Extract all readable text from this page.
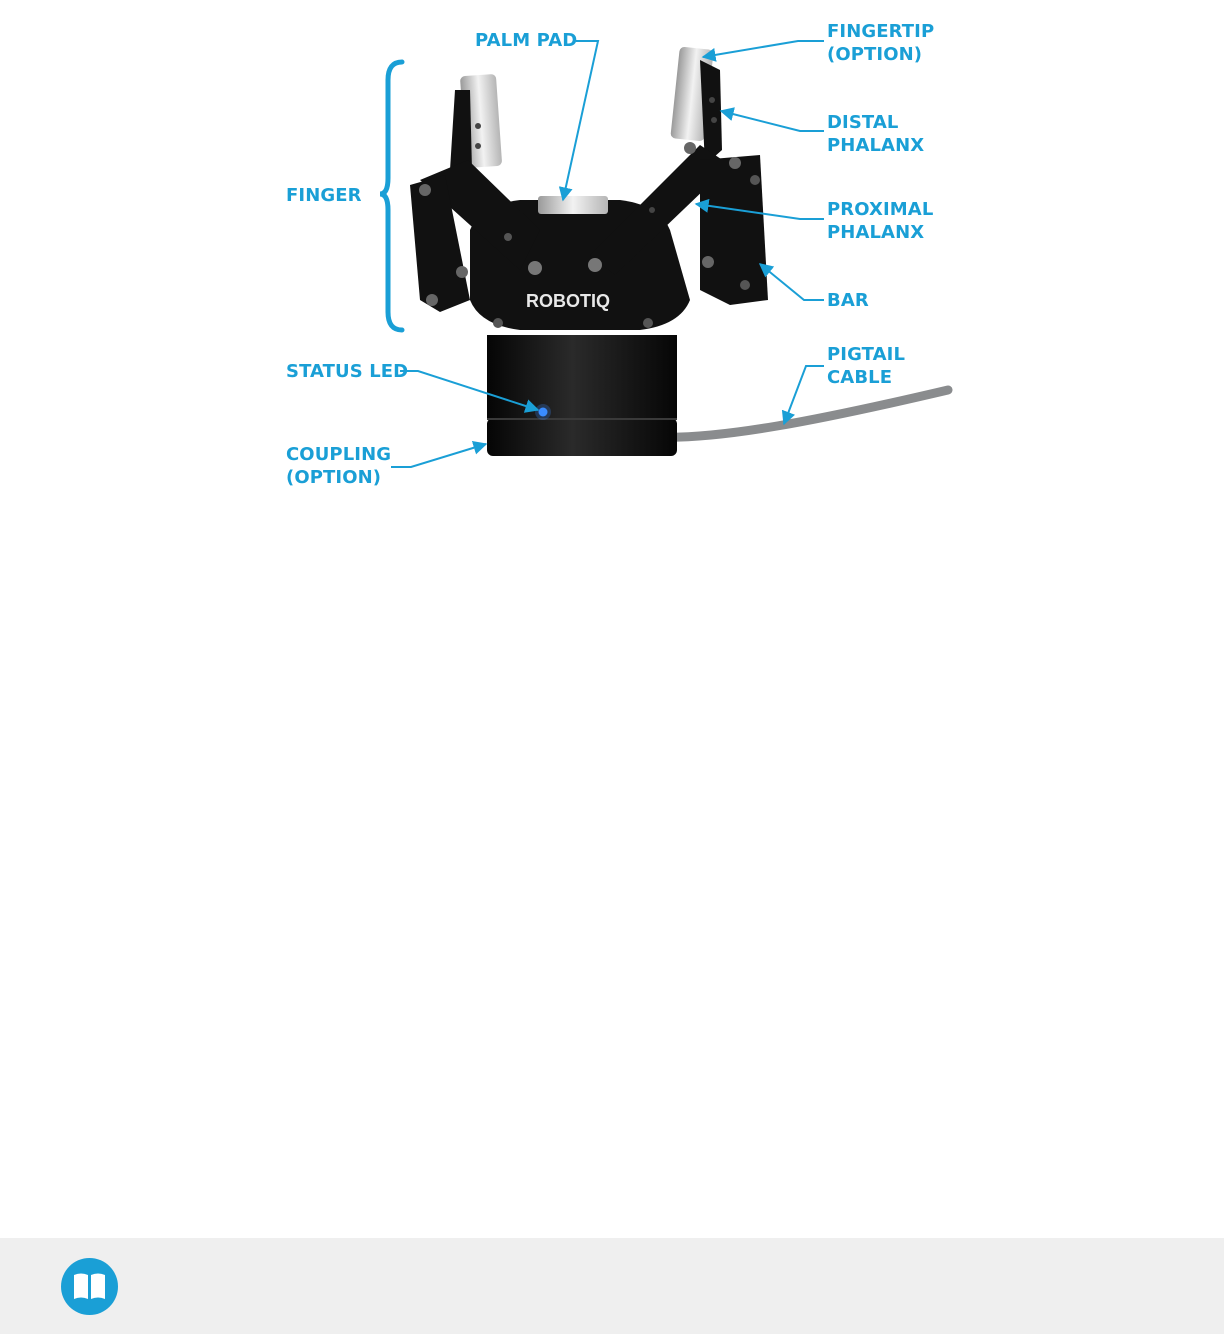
ROBOTIQ
PALM PAD	FINGERTIP
(OPTION)
DISTAL
PHALANX
FINGER
PROXIMAL
PHALANX
BAR
STATUS LED
PIGTAIL
CABLE
COUPLING
(OPTION)
